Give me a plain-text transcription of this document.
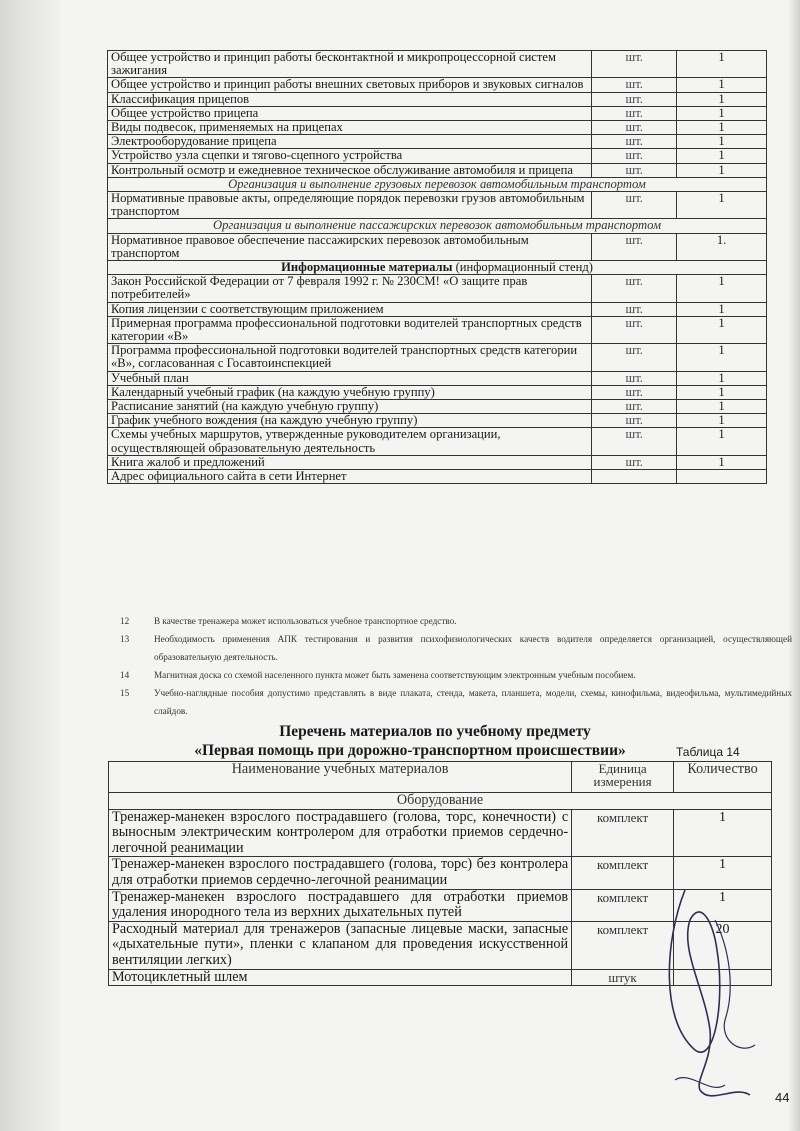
Общее устройство и принцип работы бесконтактной и микропроцессорной систем зажигания	шт.	1
Общее устройство и принцип работы внешних световых приборов и звуковых сигналов	шт.	1
Классификация прицепов	шт.	1
Общее устройство прицепа	шт.	1
Виды подвесок, применяемых на прицепах	шт.	1
Электрооборудование прицепа	шт.	1
Устройство узла сцепки и тягово-сцепного устройства	шт.	1
Контрольный осмотр и ежедневное техническое обслуживание автомобиля и прицепа	шт.	1
Организация и выполнение грузовых перевозок автомобильным транспортом		
Нормативные правовые акты, определяющие порядок перевозки грузов автомобильным транспортом	шт.	1
Организация и выполнение пассажирских перевозок автомобильным транспортом		
Нормативное правовое обеспечение пассажирских перевозок автомобильным транспортом	шт.	1.
Информационные материалы (информационный стенд)		
Закон Российской Федерации от 7 февраля 1992 г. № 230СМ! «О защите прав потребителей»	шт.	1
Копия лицензии с соответствующим приложением	шт.	1
Примерная программа профессиональной подготовки водителей транспортных средств категории «В»	шт.	1
Программа профессиональной подготовки водителей транспортных средств категории «В», согласованная с Госавтоинспекцией	шт.	1
Учебный план	шт.	1
Календарный учебный график (на каждую учебную группу)	шт.	1
Расписание занятий (на каждую учебную группу)	шт.	1
График учебного вождения (на каждую учебную группу)	шт.	1
Схемы учебных маршрутов, утвержденные руководителем организации, осуществляющей образовательную деятельность	шт.	1
Книга жалоб и предложений	шт.	1
Адрес официального сайта в сети Интернет		
12	В качестве тренажера может использоваться учебное транспортное средство.
13	Необходимость применения АПК тестирования и развития психофизиологических качеств водителя определяется организацией, осуществляющей образовательную деятельность.
14	Магнитная доска со схемой населенного пункта может быть заменена соответствующим электронным учебным пособием.
15	Учебно-наглядные пособия допустимо представлять в виде плаката, стенда, макета, планшета, модели, схемы, кинофильма, видеофильма, мультимедийных слайдов.
Перечень материалов по учебному предмету
«Первая помощь при дорожно-транспортном происшествии»	Таблица 14
Наименование учебных материалов	Единица измерения	Количество
Оборудование		
Тренажер-манекен взрослого пострадавшего (голова, торс, конечности) с выносным электрическим контролером для отработки приемов сердечно-легочной реанимации	комплект	1
Тренажер-манекен взрослого пострадавшего (голова, торс) без контролера для отработки приемов сердечно-легочной реанимации	комплект	1
Тренажер-манекен взрослого пострадавшего для отработки приемов удаления инородного тела из верхних дыхательных путей	комплект	1
Расходный материал для тренажеров (запасные лицевые маски, запасные «дыхательные пути», пленки с клапаном для проведения искусственной вентиляции легких)	комплект	20
Мотоциклетный шлем	штук	
44
